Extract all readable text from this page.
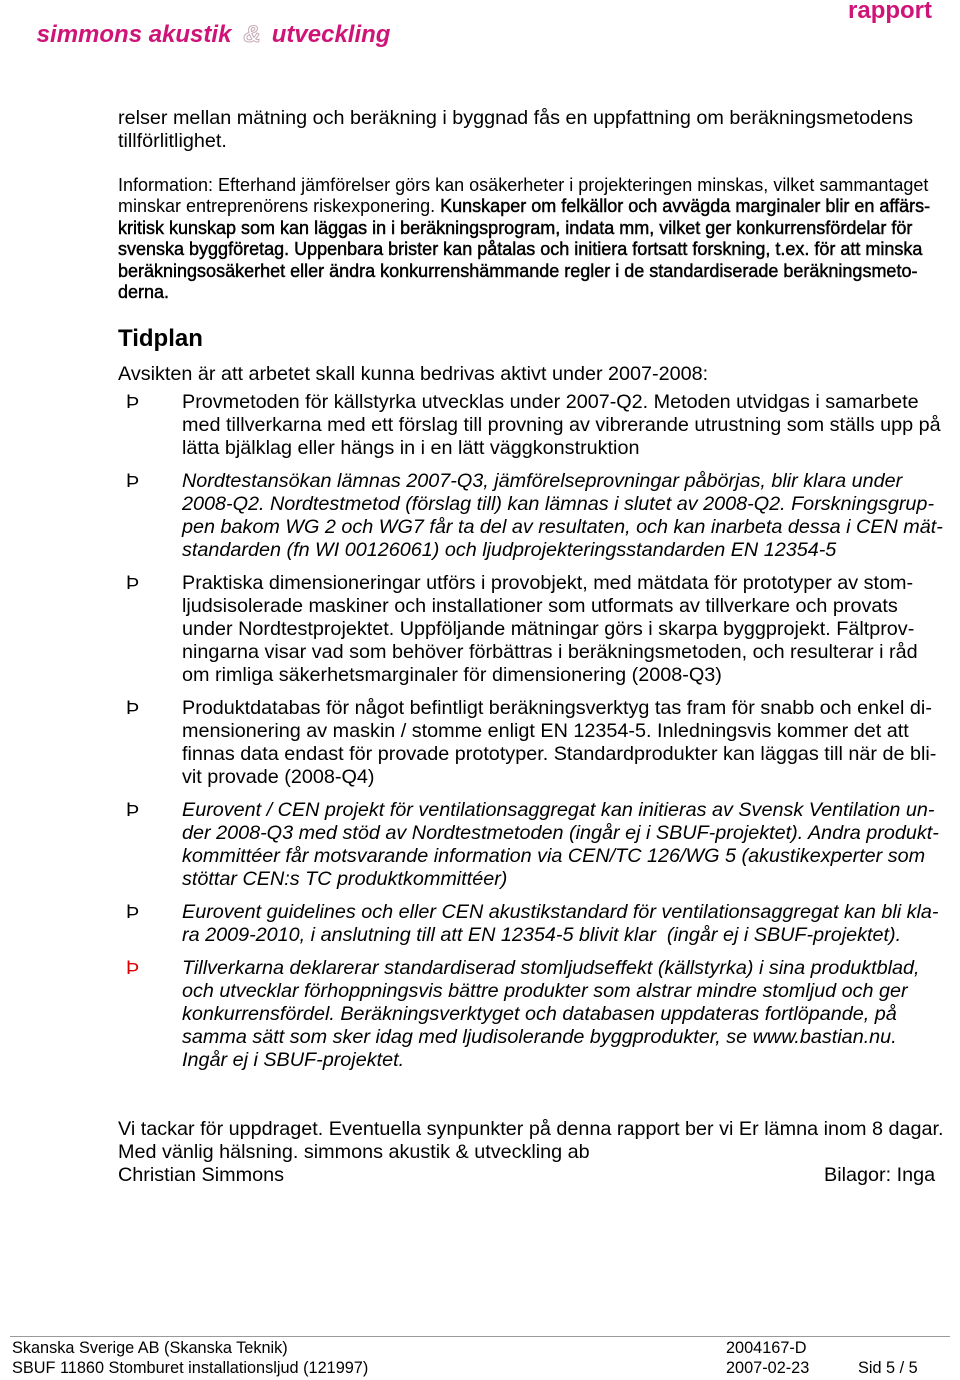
simmons akustik & utveckling

rapport
relser mellan mätning och beräkning i byggnad fås en uppfattning om beräkningsmetodens
tillförlitlighet.
Information: Efterhand jämförelser görs kan osäkerheter i projekteringen minskas, vilket sammantaget
minskar entreprenörens riskexponering. Kunskaper om felkällor och avvägda marginaler blir en affärs-
kritisk kunskap som kan läggas in i beräkningsprogram, indata mm, vilket ger konkurrensfördelar för
svenska byggföretag. Uppenbara brister kan påtalas och initiera fortsatt forskning, t.ex. för att minska
beräkningsosäkerhet eller ändra konkurrenshämmande regler i de standardiserade beräkningsmeto-
derna.
Tidplan
Avsikten är att arbetet skall kunna bedrivas aktivt under 2007-2008:
Þ Provmetoden för källstyrka utvecklas under 2007-Q2. Metoden utvidgas i samarbete
med tillverkarna med ett förslag till provning av vibrerande utrustning som ställs upp på
lätta bjälklag eller hängs in i en lätt väggkonstruktion
Þ Nordtestansökan lämnas 2007-Q3, jämförelseprovningar påbörjas, blir klara under
2008-Q2. Nordtestmetod (förslag till) kan lämnas i slutet av 2008-Q2. Forskningsgrup-
pen bakom WG 2 och WG7 får ta del av resultaten, och kan inarbeta dessa i CEN mät-
standarden (fn WI 00126061) och ljudprojekteringsstandarden EN 12354-5
Þ Praktiska dimensioneringar utförs i provobjekt, med mätdata för prototyper av stom-
ljudsisolerade maskiner och installationer som utformats av tillverkare och provats
under Nordtestprojektet. Uppföljande mätningar görs i skarpa byggprojekt. Fältprov-
ningarna visar vad som behöver förbättras i beräkningsmetoden, och resulterar i råd
om rimliga säkerhetsmarginaler för dimensionering (2008-Q3)
Þ Produktdatabas för något befintligt beräkningsverktyg tas fram för snabb och enkel di-
mensionering av maskin / stomme enligt EN 12354-5. Inledningsvis kommer det att
finnas data endast för provade prototyper. Standardprodukter kan läggas till när de bli-
vit provade (2008-Q4)
Þ Eurovent / CEN projekt för ventilationsaggregat kan initieras av Svensk Ventilation un-
der 2008-Q3 med stöd av Nordtestmetoden (ingår ej i SBUF-projektet). Andra produkt-
kommittéer får motsvarande information via CEN/TC 126/WG 5 (akustikexperter som
stöttar CEN:s TC produktkommittéer)
Þ Eurovent guidelines och eller CEN akustikstandard för ventilationsaggregat kan bli kla-
ra 2009-2010, i anslutning till att EN 12354-5 blivit klar  (ingår ej i SBUF-projektet).
Þ Tillverkarna deklarerar standardiserad stomljudseffekt (källstyrka) i sina produktblad,
och utvecklar förhoppningsvis bättre produkter som alstrar mindre stomljud och ger
konkurrensfördel. Beräkningsverktyget och databasen uppdateras fortlöpande, på
samma sätt som sker idag med ljudisolerande byggprodukter, se www.bastian.nu.
Ingår ej i SBUF-projektet.
Vi tackar för uppdraget. Eventuella synpunkter på denna rapport ber vi Er lämna inom 8 dagar.
Med vänlig hälsning. simmons akustik & utveckling ab
Christian Simmons	Bilagor: Inga
Skanska Sverige AB (Skanska Teknik)	2004167-D
SBUF 11860 Stomburet installationsljud (121997)	2007-02-23	Sid 5 / 5
